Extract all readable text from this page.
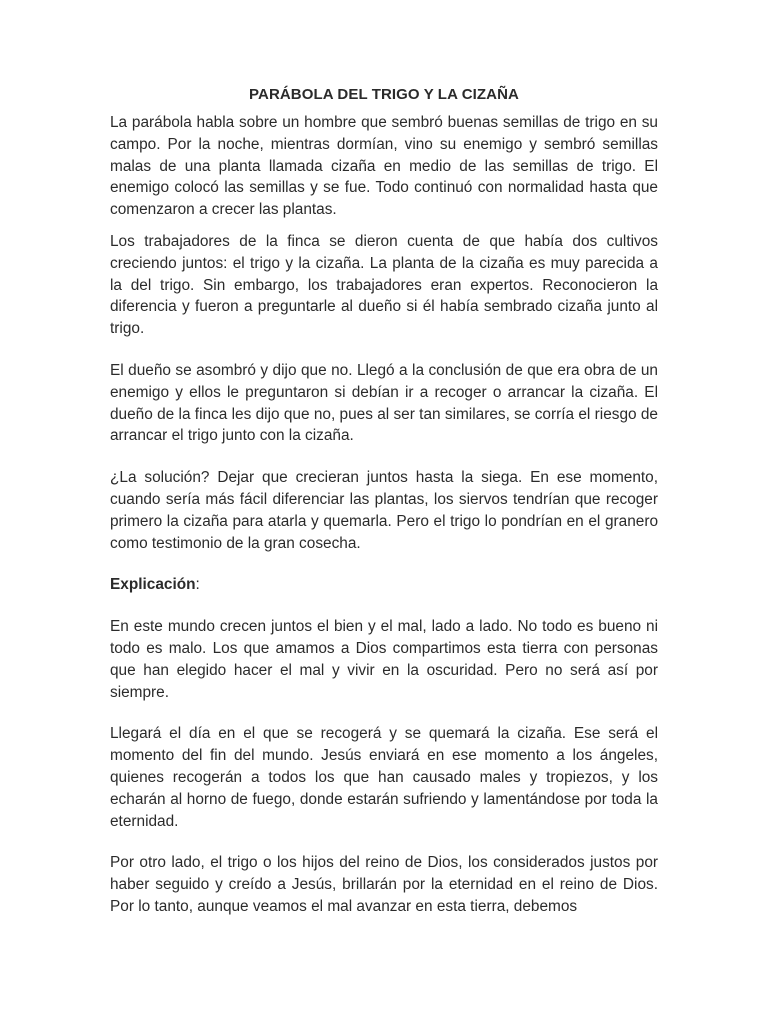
PARÁBOLA DEL TRIGO Y LA CIZAÑA

La parábola habla sobre un hombre que sembró buenas semillas de trigo en su campo. Por la noche, mientras dormían, vino su enemigo y sembró semillas malas de una planta llamada cizaña en medio de las semillas de trigo. El enemigo colocó las semillas y se fue. Todo continuó con normalidad hasta que comenzaron a crecer las plantas.

Los trabajadores de la finca se dieron cuenta de que había dos cultivos creciendo juntos: el trigo y la cizaña. La planta de la cizaña es muy parecida a la del trigo. Sin embargo, los trabajadores eran expertos. Reconocieron la diferencia y fueron a preguntarle al dueño si él había sembrado cizaña junto al trigo.

El dueño se asombró y dijo que no. Llegó a la conclusión de que era obra de un enemigo y ellos le preguntaron si debían ir a recoger o arrancar la cizaña. El dueño de la finca les dijo que no, pues al ser tan similares, se corría el riesgo de arrancar el trigo junto con la cizaña.

¿La solución? Dejar que crecieran juntos hasta la siega. En ese momento, cuando sería más fácil diferenciar las plantas, los siervos tendrían que recoger primero la cizaña para atarla y quemarla. Pero el trigo lo pondrían en el granero como testimonio de la gran cosecha.

Explicación:

En este mundo crecen juntos el bien y el mal, lado a lado. No todo es bueno ni todo es malo. Los que amamos a Dios compartimos esta tierra con personas que han elegido hacer el mal y vivir en la oscuridad. Pero no será así por siempre.

Llegará el día en el que se recogerá y se quemará la cizaña. Ese será el momento del fin del mundo. Jesús enviará en ese momento a los ángeles, quienes recogerán a todos los que han causado males y tropiezos, y los echarán al horno de fuego, donde estarán sufriendo y lamentándose por toda la eternidad.

Por otro lado, el trigo o los hijos del reino de Dios, los considerados justos por haber seguido y creído a Jesús, brillarán por la eternidad en el reino de Dios. Por lo tanto, aunque veamos el mal avanzar en esta tierra, debemos
